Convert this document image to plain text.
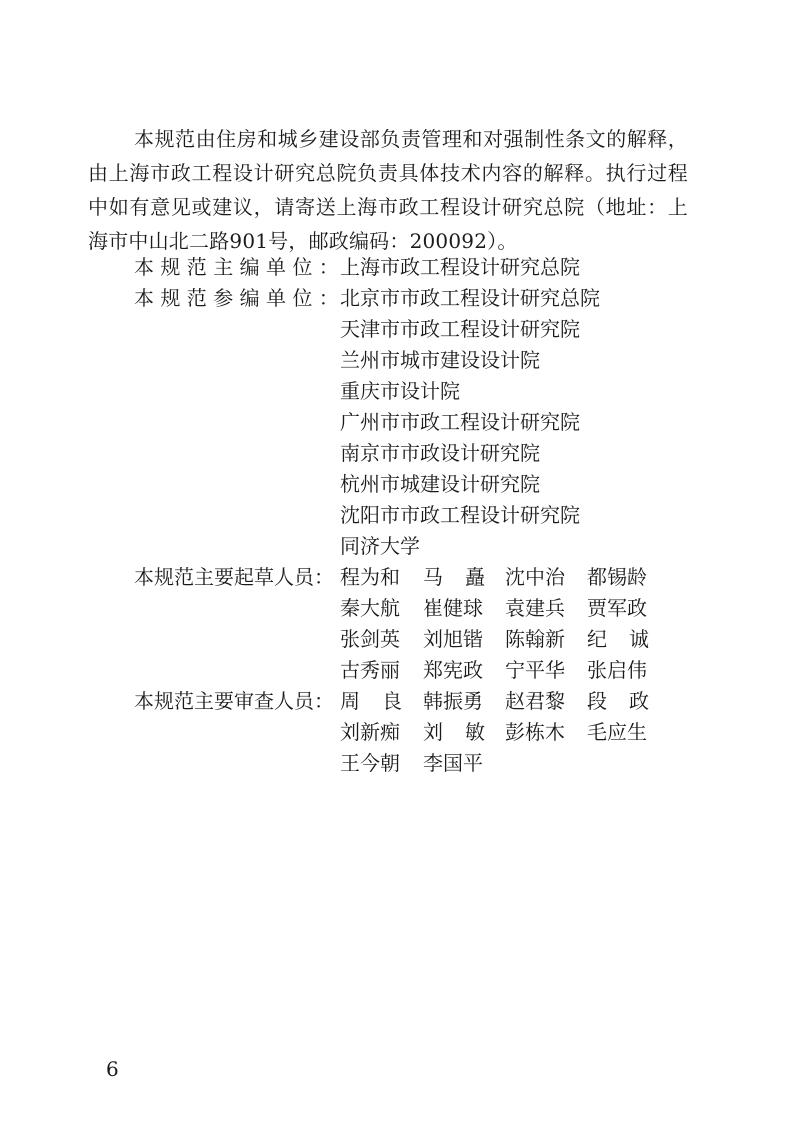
本规范由住房和城乡建设部负责管理和对强制性条文的解释，由上海市政工程设计研究总院负责具体技术内容的解释。执行过程中如有意见或建议，请寄送上海市政工程设计研究总院（地址：上海市中山北二路901号，邮政编码：200092）。

本规范主编单位：
上海市政工程设计研究总院
本规范参编单位：
北京市市政工程设计研究总院
天津市市政工程设计研究院
兰州市城市建设设计院
重庆市设计院
广州市市政工程设计研究院
南京市市政设计研究院
杭州市城建设计研究院
沈阳市市政工程设计研究院
同济大学
本规范主要起草人员： 程为和 马矗
沈中治 都锡龄
秦大航 崔健球 袁建兵 贾军政
张剑英 刘旭锴 陈翰新 纪诚
古秀丽 郑宪政 宁平华 张启伟
本规范主要审查人员： 周良 韩振勇 赵君黎 段政
刘新痴 刘敏
彭栋木 毛应生
王今朝 李国平
6
